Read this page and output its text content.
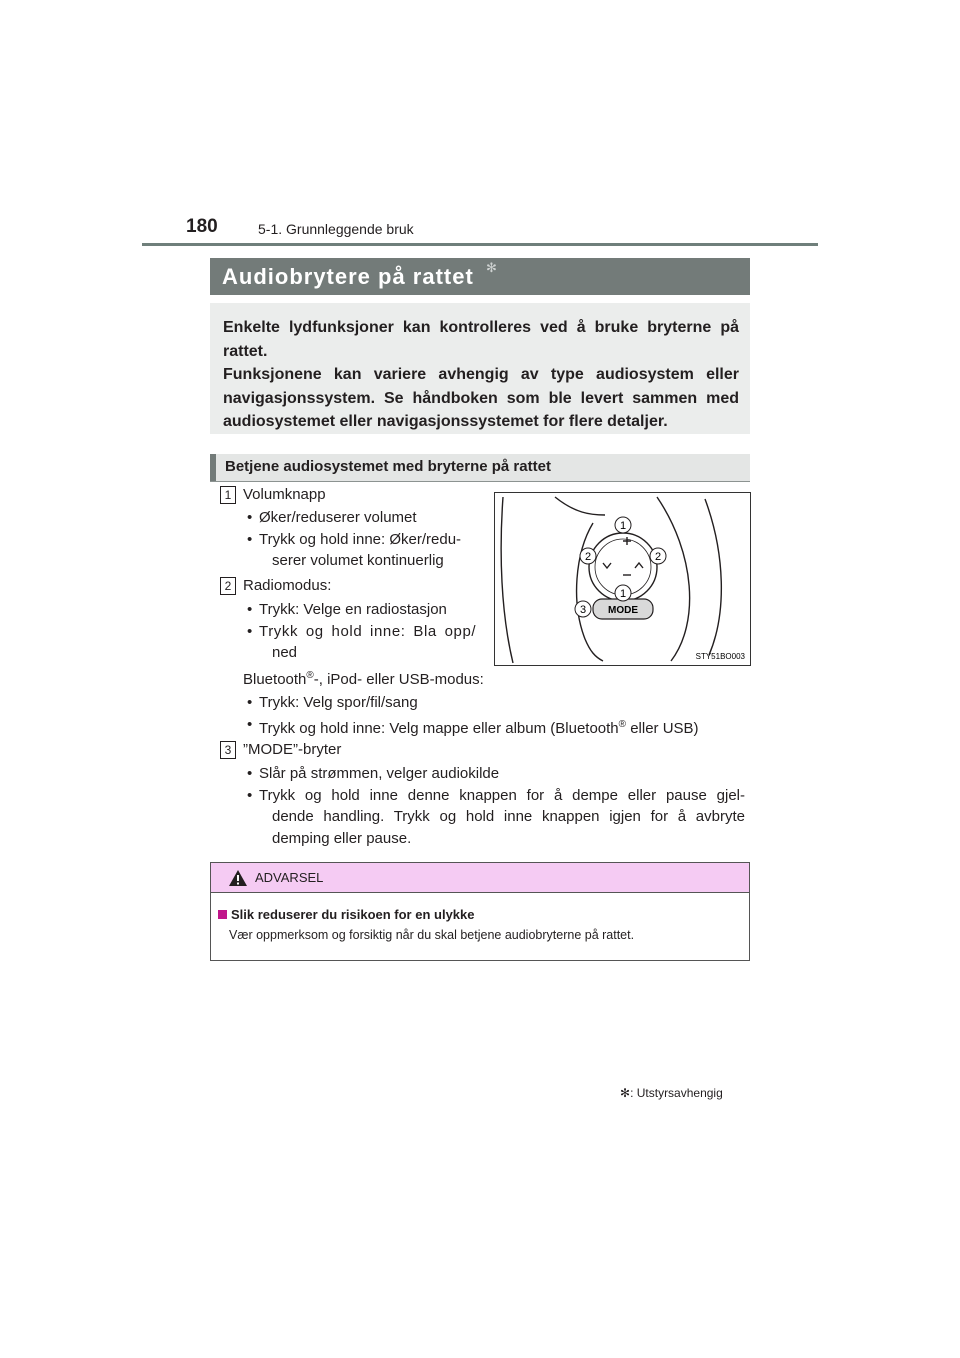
180	5-1. Grunnleggende bruk
Audiobrytere på rattet ✻

Enkelte lydfunksjoner kan kontrolleres ved å bruke bryterne på rattet.

Funksjonene kan variere avhengig av type audiosystem eller navigasjonssystem. Se håndboken som ble levert sammen med audiosystemet eller navigasjonssystemet for flere detaljer.

Betjene audiosystemet med bryterne på rattet
1 Volumknapp
• Øker/reduserer volumet
• Trykk og hold inne: Øker/redu-
serer volumet kontinuerlig
2 Radiomodus:
• Trykk: Velge en radiostasjon
• Trykk og hold inne: Bla opp/
ned
Bluetooth®-, iPod- eller USB-modus:
• Trykk: Velg spor/fil/sang
• Trykk og hold inne: Velg mappe eller album (Bluetooth® eller USB)
3 ”MODE”-bryter
• Slår på strømmen, velger audiokilde
• Trykk og hold inne denne knappen for å dempe eller pause gjel-
dende handling. Trykk og hold inne knappen igjen for å avbryte
demping eller pause.
MODE
1
2	2
1
3
STY51BO003
ADVARSEL
Slik reduserer du risikoen for en ulykke
Vær oppmerksom og forsiktig når du skal betjene audiobryterne på rattet.
✻: Utstyrsavhengig
